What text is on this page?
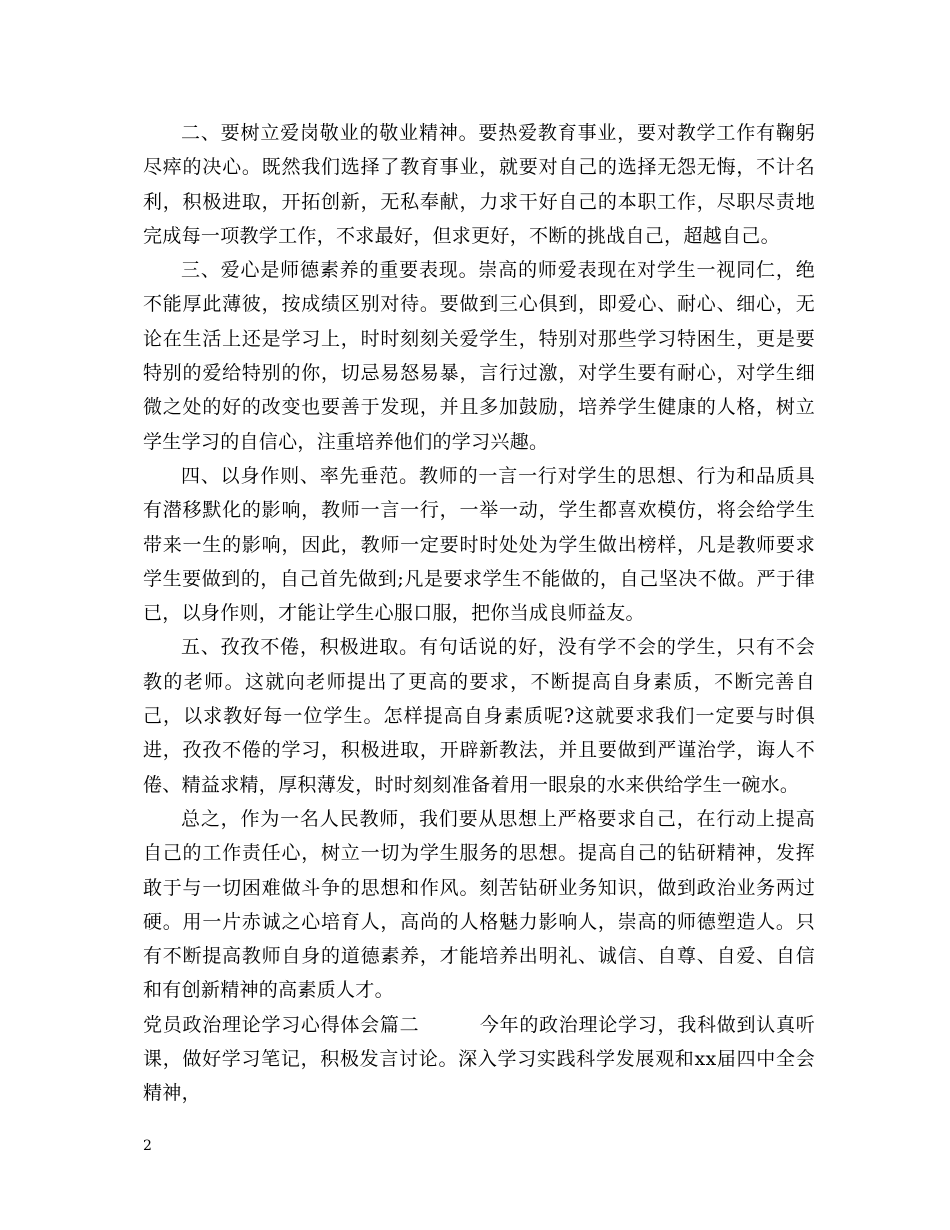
二、要树立爱岗敬业的敬业精神。要热爱教育事业，要对教学工作有鞠躬尽瘁的决心。既然我们选择了教育事业，就要对自己的选择无怨无悔，不计名利，积极进取，开拓创新，无私奉献，力求干好自己的本职工作，尽职尽责地完成每一项教学工作，不求最好，但求更好，不断的挑战自己，超越自己。

三、爱心是师德素养的重要表现。崇高的师爱表现在对学生一视同仁，绝不能厚此薄彼，按成绩区别对待。要做到三心俱到，即爱心、耐心、细心，无论在生活上还是学习上，时时刻刻关爱学生，特别对那些学习特困生，更是要特别的爱给特别的你，切忌易怒易暴，言行过激，对学生要有耐心，对学生细微之处的好的改变也要善于发现，并且多加鼓励，培养学生健康的人格，树立学生学习的自信心，注重培养他们的学习兴趣。

四、以身作则、率先垂范。教师的一言一行对学生的思想、行为和品质具有潜移默化的影响，教师一言一行，一举一动，学生都喜欢模仿，将会给学生带来一生的影响，因此，教师一定要时时处处为学生做出榜样，凡是教师要求学生要做到的，自己首先做到;凡是要求学生不能做的，自己坚决不做。严于律已，以身作则，才能让学生心服口服，把你当成良师益友。

五、孜孜不倦，积极进取。有句话说的好，没有学不会的学生，只有不会教的老师。这就向老师提出了更高的要求，不断提高自身素质，不断完善自己，以求教好每一位学生。怎样提高自身素质呢?这就要求我们一定要与时俱进，孜孜不倦的学习，积极进取，开辟新教法，并且要做到严谨治学，诲人不倦、精益求精，厚积薄发，时时刻刻准备着用一眼泉的水来供给学生一碗水。

总之，作为一名人民教师，我们要从思想上严格要求自己，在行动上提高自己的工作责任心，树立一切为学生服务的思想。提高自己的钻研精神，发挥敢于与一切困难做斗争的思想和作风。刻苦钻研业务知识，做到政治业务两过硬。用一片赤诚之心培育人，高尚的人格魅力影响人，崇高的师德塑造人。只有不断提高教师自身的道德素养，才能培养出明礼、诚信、自尊、自爱、自信和有创新精神的高素质人才。

党员政治理论学习心得体会篇二	今年的政治理论学习，我科做到认真听课，做好学习笔记，积极发言讨论。深入学习实践科学发展观和xx届四中全会精神，

2
